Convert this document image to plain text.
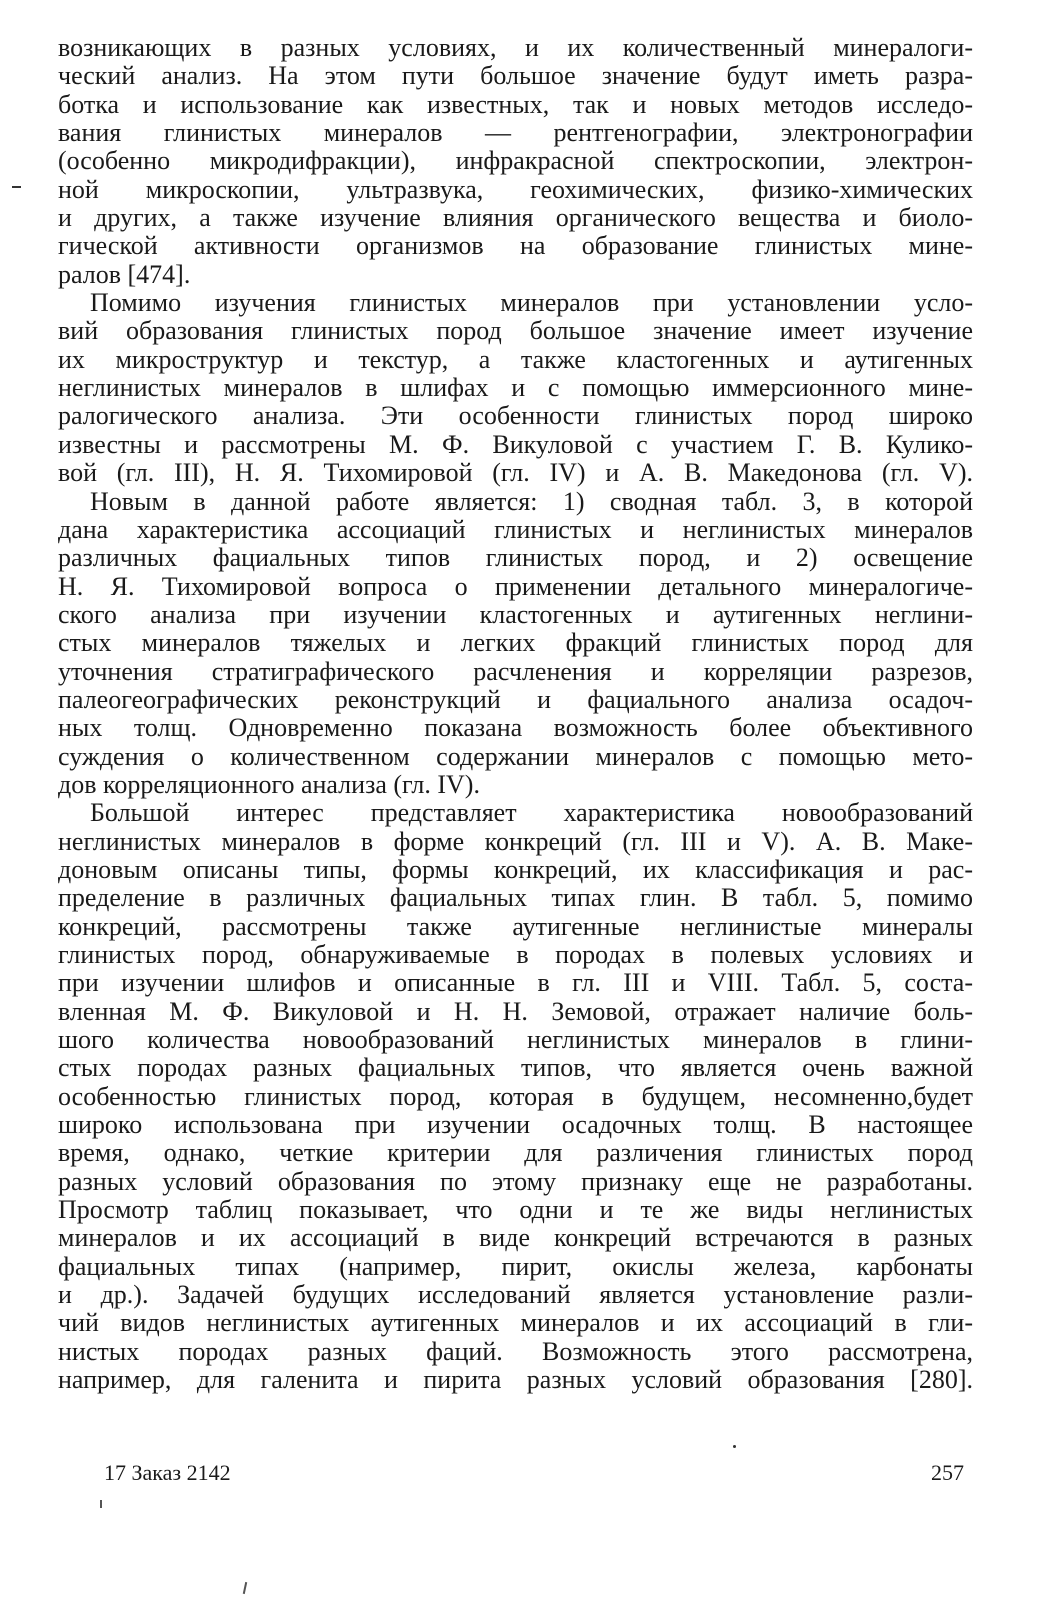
возникающих в разных условиях, и их количественный минералоги-
ческий анализ. На этом пути большое значение будут иметь разра-
ботка и использование как известных, так и новых методов исследо-
вания глинистых минералов — рентгенографии, электронографии
(особенно микродифракции), инфракрасной спектроскопии, электрон-
ной микроскопии, ультразвука, геохимических, физико-химических
и других, а также изучение влияния органического вещества и биоло-
гической активности организмов на образование глинистых мине-
ралов [474].
Помимо изучения глинистых минералов при установлении усло-
вий образования глинистых пород большое значение имеет изучение
их микроструктур и текстур, а также кластогенных и аутигенных
неглинистых минералов в шлифах и с помощью иммерсионного мине-
ралогического анализа. Эти особенности глинистых пород широко
известны и рассмотрены М. Ф. Викуловой с участием Г. В. Кулико-
вой (гл. III), Н. Я. Тихомировой (гл. IV) и А. В. Македонова (гл. V).
Новым в данной работе является: 1) сводная табл. 3, в которой
дана характеристика ассоциаций глинистых и неглинистых минералов
различных фациальных типов глинистых пород, и 2) освещение
Н. Я. Тихомировой вопроса о применении детального минералогиче-
ского анализа при изучении кластогенных и аутигенных неглини-
стых минералов тяжелых и легких фракций глинистых пород для
уточнения стратиграфического расчленения и корреляции разрезов,
палеогеографических реконструкций и фациального анализа осадоч-
ных толщ. Одновременно показана возможность более объективного
суждения о количественном содержании минералов с помощью мето-
дов корреляционного анализа (гл. IV).
Большой интерес представляет характеристика новообразований
неглинистых минералов в форме конкреций (гл. III и V). А. В. Маке-
доновым описаны типы, формы конкреций, их классификация и рас-
пределение в различных фациальных типах глин. В табл. 5, помимо
конкреций, рассмотрены также аутигенные неглинистые минералы
глинистых пород, обнаруживаемые в породах в полевых условиях и
при изучении шлифов и описанные в гл. III и VIII. Табл. 5, соста-
вленная М. Ф. Викуловой и Н. Н. Земовой, отражает наличие боль-
шого количества новообразований неглинистых минералов в глини-
стых породах разных фациальных типов, что является очень важной
особенностью глинистых пород, которая в будущем, несомненно,будет
широко использована при изучении осадочных толщ. В настоящее
время, однако, четкие критерии для различения глинистых пород
разных условий образования по этому признаку еще не разработаны.
Просмотр таблиц показывает, что одни и те же виды неглинистых
минералов и их ассоциаций в виде конкреций встречаются в разных
фациальных типах (например, пирит, окислы железа, карбонаты
и др.). Задачей будущих исследований является установление разли-
чий видов неглинистых аутигенных минералов и их ассоциаций в гли-
нистых породах разных фаций. Возможность этого рассмотрена,
например, для галенита и пирита разных условий образования [280].
17 Заказ 2142	257
